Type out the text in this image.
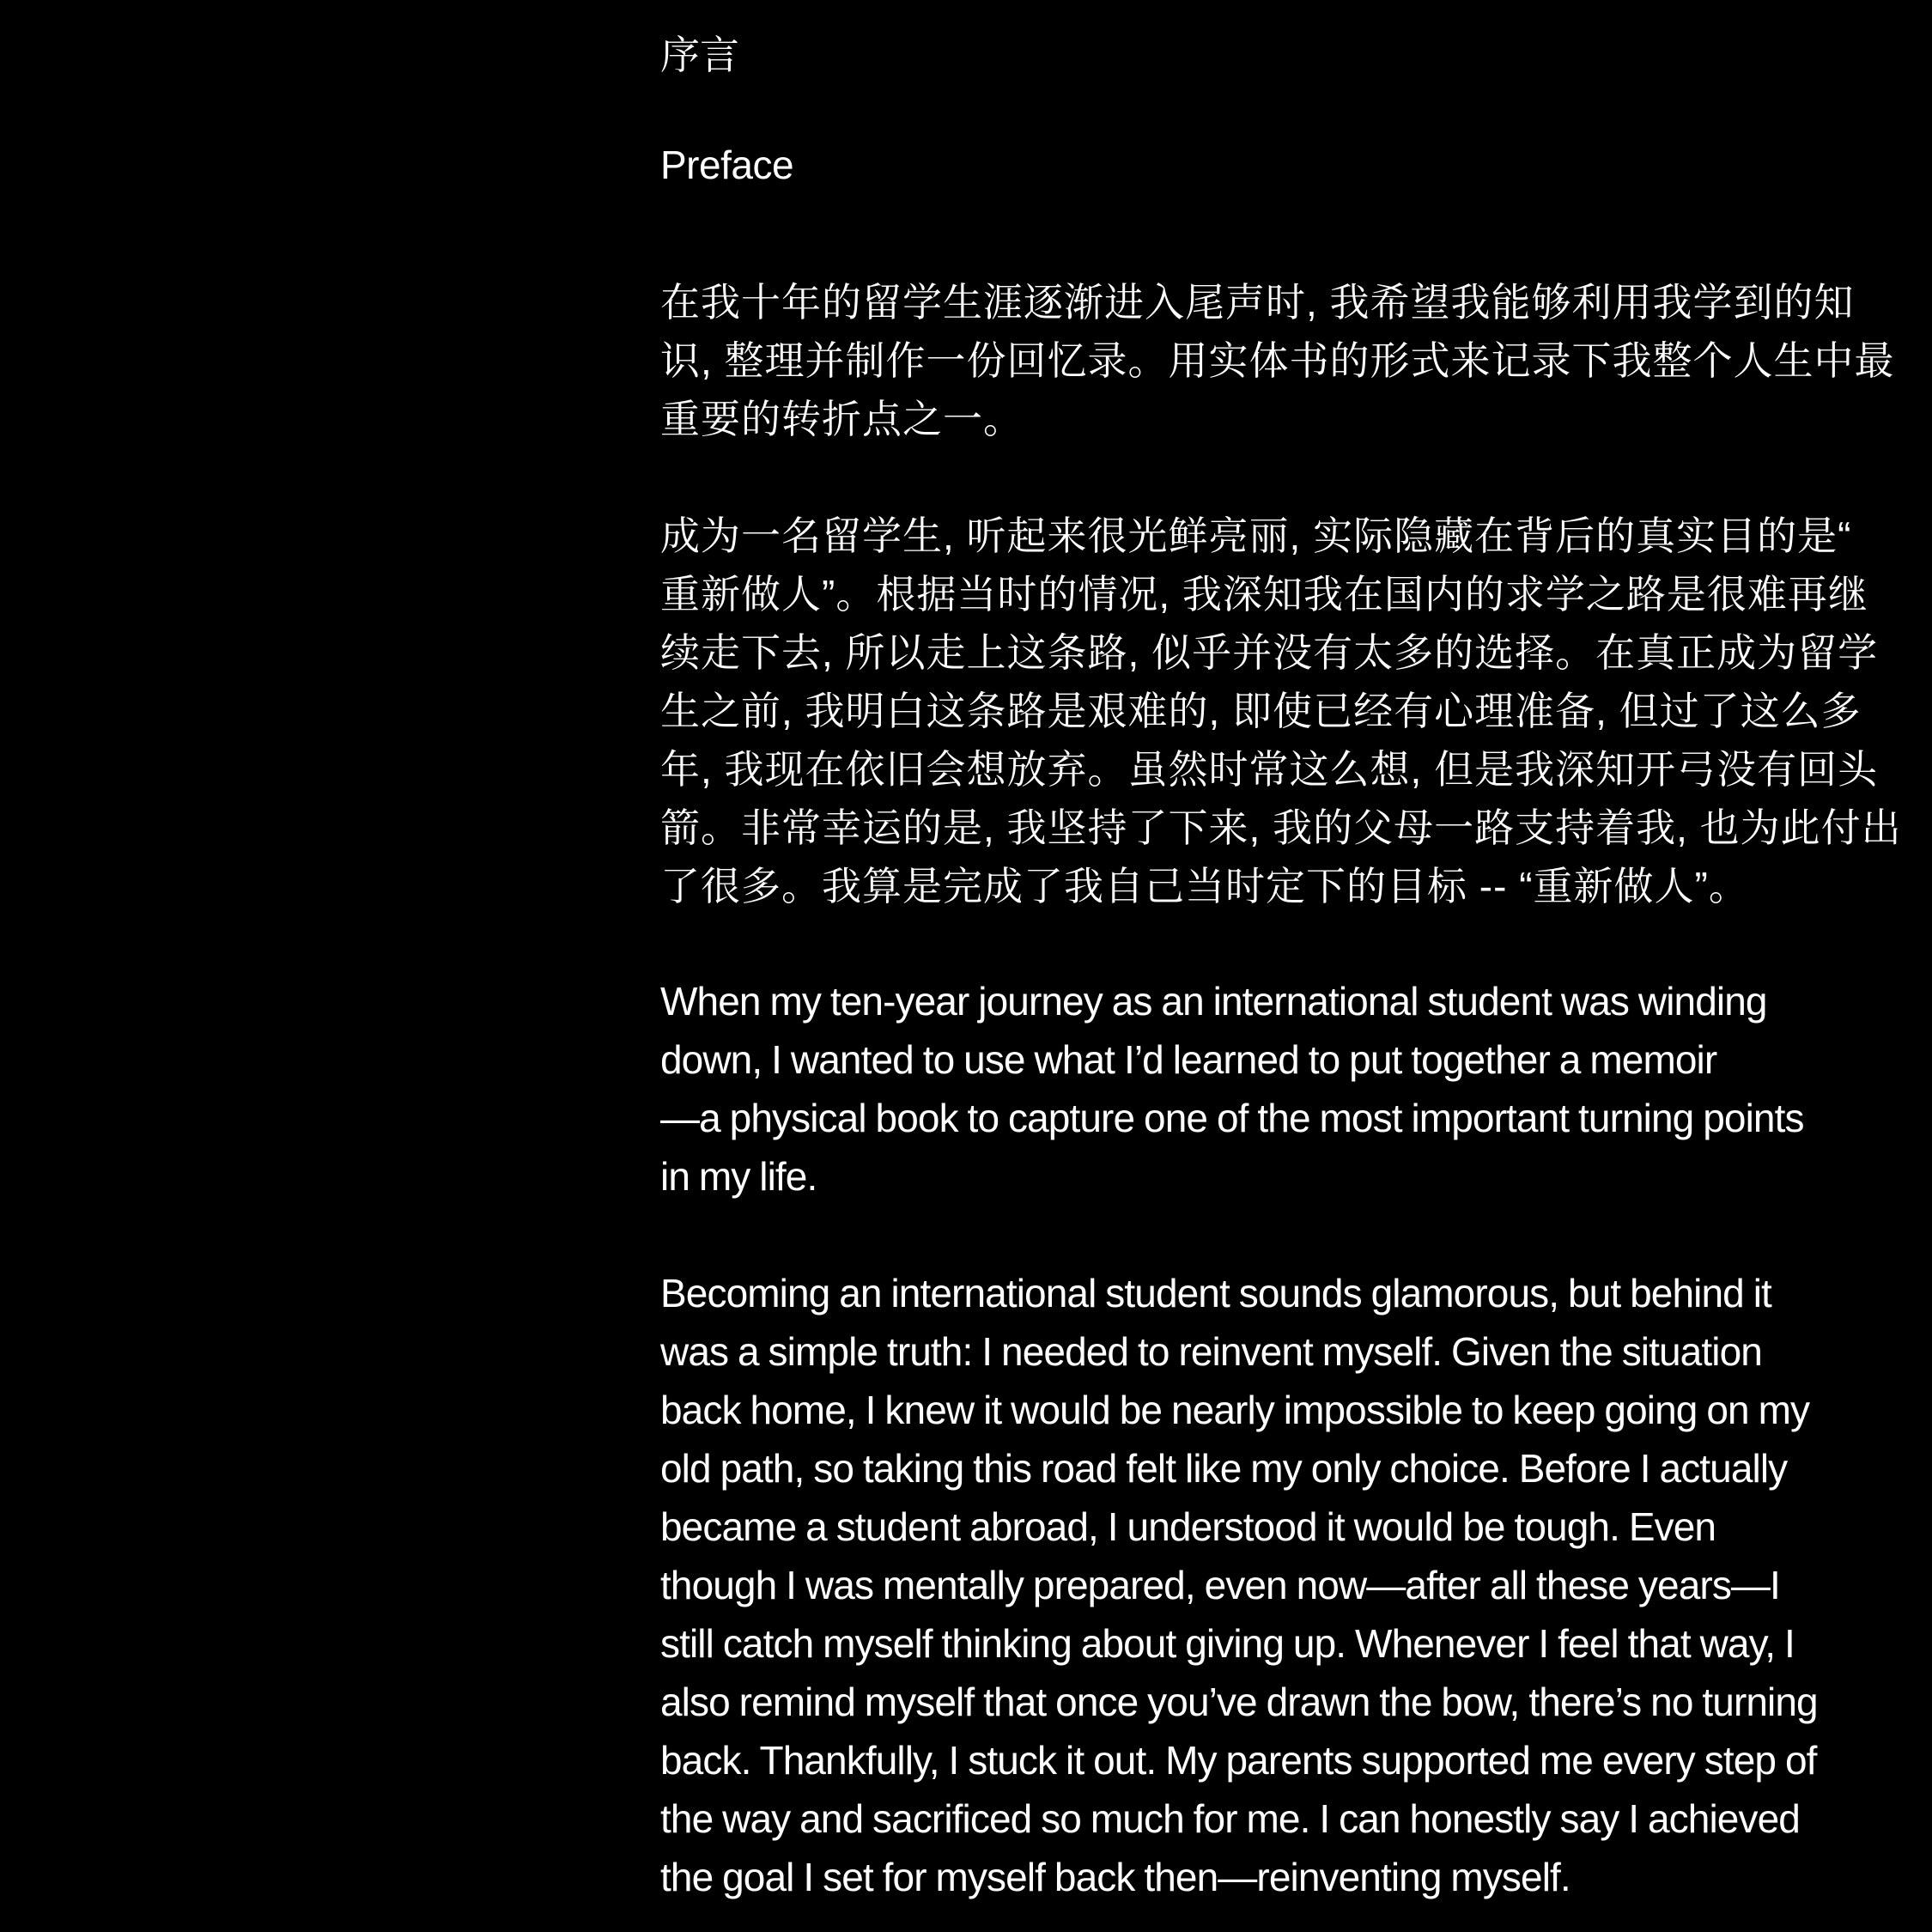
序言
Preface

在我十年的留学生涯逐渐进入尾声时, 我希望我能够利用我学到的知
识, 整理并制作一份回忆录。用实体书的形式来记录下我整个人生中最
重要的转折点之一。

成为一名留学生, 听起来很光鲜亮丽, 实际隐藏在背后的真实目的是“
重新做人”。根据当时的情况, 我深知我在国内的求学之路是很难再继
续走下去, 所以走上这条路, 似乎并没有太多的选择。在真正成为留学
生之前, 我明白这条路是艰难的, 即使已经有心理准备, 但过了这么多
年, 我现在依旧会想放弃。虽然时常这么想, 但是我深知开弓没有回头
箭。非常幸运的是, 我坚持了下来, 我的父母一路支持着我, 也为此付出
了很多。我算是完成了我自己当时定下的目标 -- “重新做人”。

When my ten-year journey as an international student was winding
down, I wanted to use what I’d learned to put together a memoir
—a physical book to capture one of the most important turning points
in my life.

Becoming an international student sounds glamorous, but behind it
was a simple truth: I needed to reinvent myself. Given the situation
back home, I knew it would be nearly impossible to keep going on my
old path, so taking this road felt like my only choice. Before I actually
became a student abroad, I understood it would be tough. Even
though I was mentally prepared, even now—after all these years—I
still catch myself thinking about giving up. Whenever I feel that way, I
also remind myself that once you’ve drawn the bow, there’s no turning
back. Thankfully, I stuck it out. My parents supported me every step of
the way and sacrificed so much for me. I can honestly say I achieved
the goal I set for myself back then—reinventing myself.
